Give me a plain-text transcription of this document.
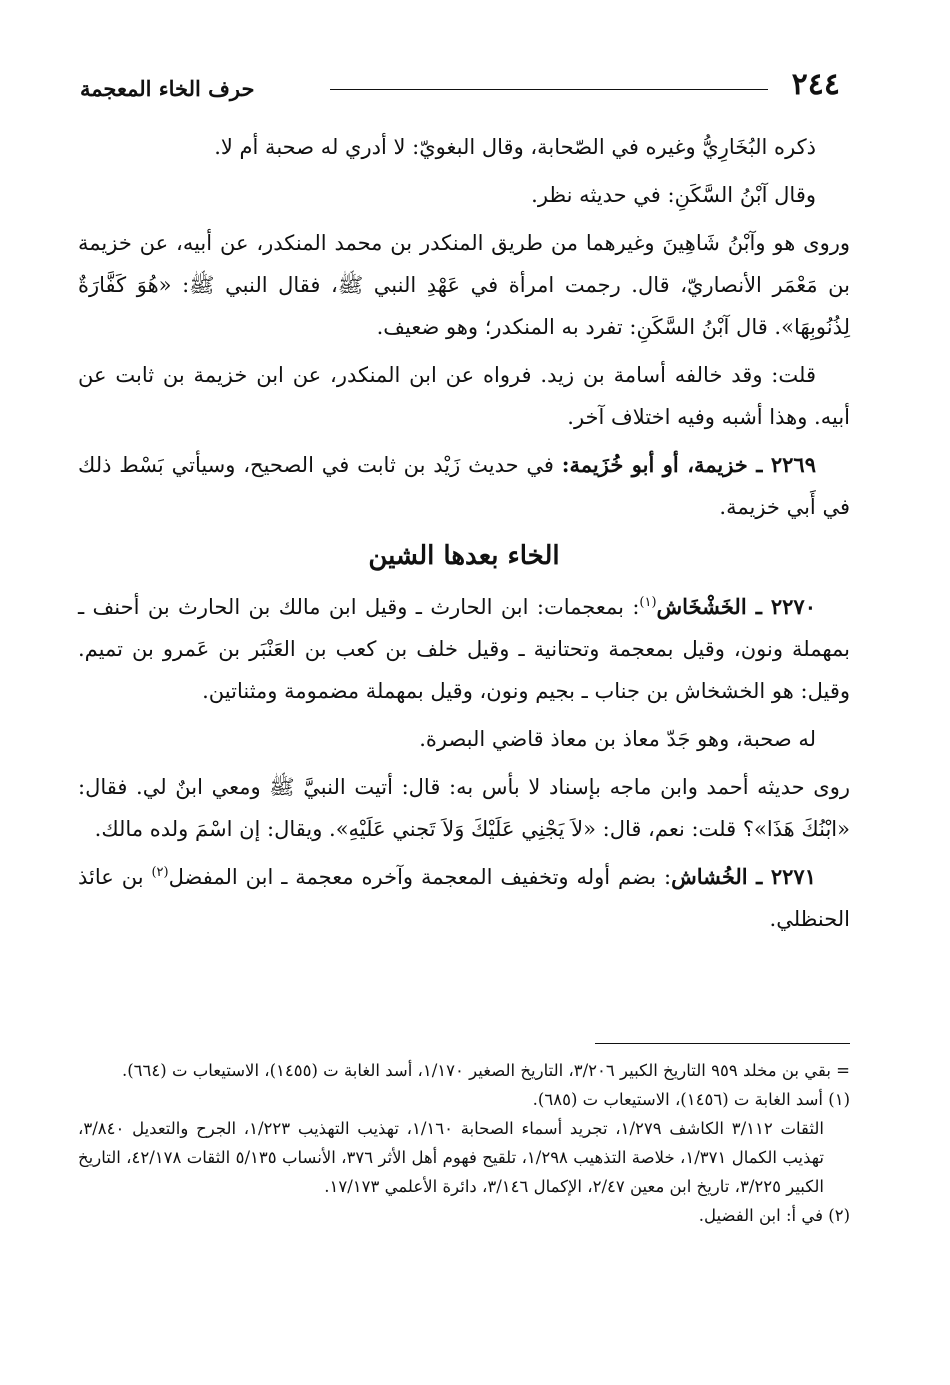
٢٤٤
حرف الخاء المعجمة

ذكره البُخَارِيُّ وغيره في الصّحابة، وقال البغويّ: لا أدري له صحبة أم لا.

وقال آبْنُ السَّكَنِ: في حديثه نظر.

وروى هو وآبْنُ شَاهِينَ وغيرهما من طريق المنكدر بن محمد المنكدر، عن أبيه، عن خزيمة بن مَعْمَر الأنصاريّ، قال. رجمت امرأة في عَهْدِ النبي ﷺ، فقال النبي ﷺ: «هُوَ كَفَّارَةٌ لِذُنُوبِهَا». قال آبْنُ السَّكَنِ: تفرد به المنكدر؛ وهو ضعيف.

قلت: وقد خالفه أسامة بن زيد. فرواه عن ابن المنكدر، عن ابن خزيمة بن ثابت عن أبيه. وهذا أشبه وفيه اختلاف آخر.

٢٢٦٩ ـ خزيمة، أو أبو خُزَيمة: في حديث زَيْد بن ثابت في الصحيح، وسيأتي بَسْط ذلك في أَبي خزيمة.

الخاء بعدها الشين

٢٢٧٠ ـ الخَشْخَاش$^{(١)}$: بمعجمات: ابن الحارث ـ وقيل ابن مالك بن الحارث بن أحنف ـ بمهملة ونون، وقيل بمعجمة وتحتانية ـ وقيل خلف بن كعب بن العَنْبَر بن عَمرو بن تميم. وقيل: هو الخشخاش بن جناب ـ بجيم ونون، وقيل بمهملة مضمومة ومثناتين.

له صحبة، وهو جَدّ معاذ بن معاذ قاضي البصرة.

روى حديثه أحمد وابن ماجه بإسناد لا بأس به: قال: أتيت النبيَّ ﷺ ومعي ابنٌ لي. فقال: «ابْنُكَ هَذَا»؟ قلت: نعم، قال: «لاَ يَجْنِي عَلَيْكَ وَلاَ تَجني عَلَيْهِ». ويقال: إن اسْمَ ولده مالك.

٢٢٧١ ـ الخُشاش: بضم أوله وتخفيف المعجمة وآخره معجمة ـ ابن المفضل$^{(٢)}$ بن عائذ الحنظلي.

= بقي بن مخلد ٩٥٩ التاريخ الكبير ٣/٢٠٦، التاريخ الصغير ١/١٧٠، أسد الغابة ت (١٤٥٥)، الاستيعاب ت (٦٦٤).

(١) أسد الغابة ت (١٤٥٦)، الاستيعاب ت (٦٨٥).

الثقات ٣/١١٢ الكاشف ١/٢٧٩، تجريد أسماء الصحابة ١/١٦٠، تهذيب التهذيب ١/٢٢٣، الجرح والتعديل ٣/٨٤٠، تهذيب الكمال ١/٣٧١، خلاصة التذهيب ١/٢٩٨، تلقيح فهوم أهل الأثر ٣٧٦، الأنساب ٥/١٣٥ الثقات ٤٢/١٧٨، التاريخ الكبير ٣/٢٢٥، تاريخ ابن معين ٢/٤٧، الإكمال ٣/١٤٦، دائرة الأعلمي ١٧/١٧٣.

(٢) في أ: ابن الفضيل.
